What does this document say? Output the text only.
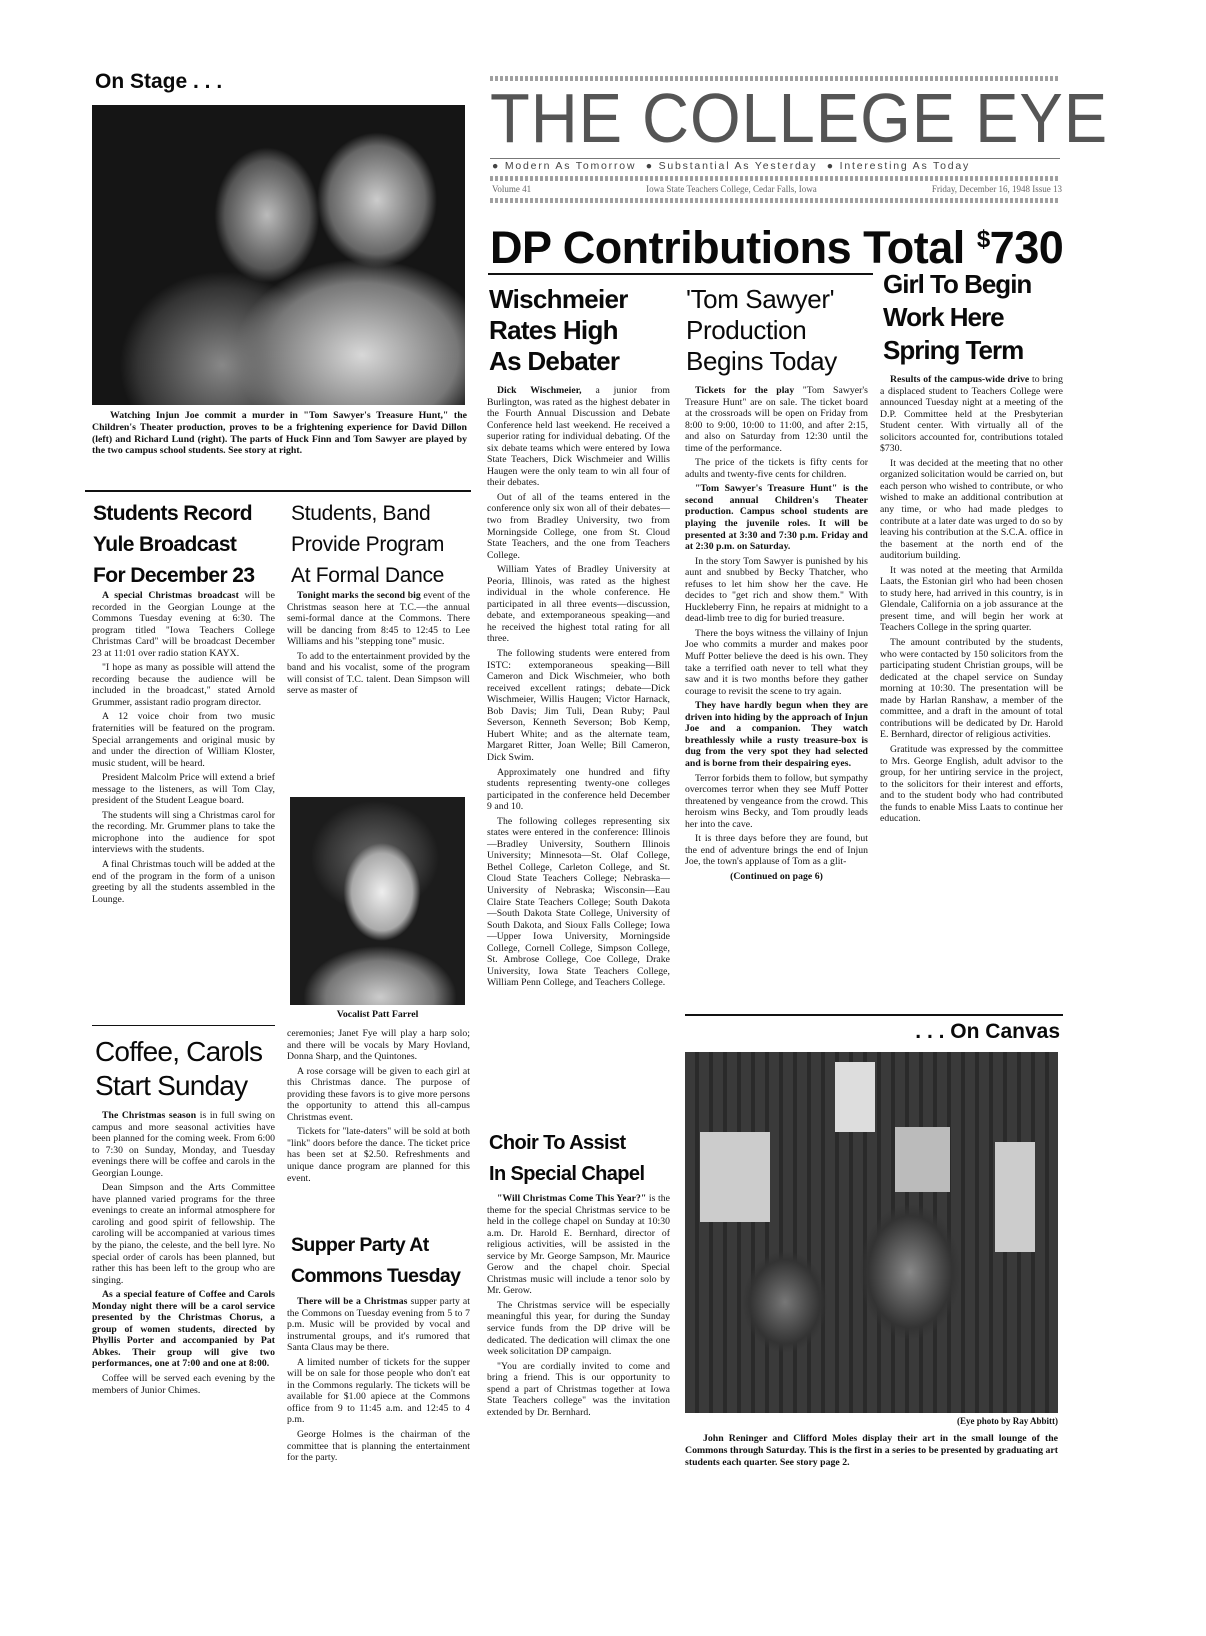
On Stage . . .
Watching Injun Joe commit a murder in "Tom Sawyer's Treasure Hunt," the Children's Theater production, proves to be a frightening experience for David Dillon (left) and Richard Lund (right). The parts of Huck Finn and Tom Sawyer are played by the two campus school students. See story at right.
Students Record
Yule Broadcast
For December 23

A special Christmas broadcast will be recorded in the Georgian Lounge at the Commons Tuesday evening at 6:30. The program titled "Iowa Teachers College Christmas Card" will be broadcast December 23 at 11:01 over radio station KAYX.

"I hope as many as possible will attend the recording because the audience will be included in the broadcast," stated Arnold Grummer, assistant radio program director.

A 12 voice choir from two music fraternities will be featured on the program. Special arrangements and original music by and under the direction of William Kloster, music student, will be heard.

President Malcolm Price will extend a brief message to the listeners, as will Tom Clay, president of the Student League board.

The students will sing a Christmas carol for the recording. Mr. Grummer plans to take the microphone into the audience for spot interviews with the students.

A final Christmas touch will be added at the end of the program in the form of a unison greeting by all the students assembled in the Lounge.

Coffee, Carols
Start Sunday

The Christmas season is in full swing on campus and more seasonal activities have been planned for the coming week. From 6:00 to 7:30 on Sunday, Monday, and Tuesday evenings there will be coffee and carols in the Georgian Lounge.

Dean Simpson and the Arts Committee have planned varied programs for the three evenings to create an informal atmosphere for caroling and good spirit of fellowship. The caroling will be accompanied at various times by the piano, the celeste, and the bell lyre. No special order of carols has been planned, but rather this has been left to the group who are singing.

As a special feature of Coffee and Carols Monday night there will be a carol service presented by the Christmas Chorus, a group of women students, directed by Phyllis Porter and accompanied by Pat Abkes. Their group will give two performances, one at 7:00 and one at 8:00.

Coffee will be served each evening by the members of Junior Chimes.

Students, Band
Provide Program
At Formal Dance

Tonight marks the second big event of the Christmas season here at T.C.—the annual semi-formal dance at the Commons. There will be dancing from 8:45 to 12:45 to Lee Williams and his "stepping tone" music.

To add to the entertainment provided by the band and his vocalist, some of the program will consist of T.C. talent. Dean Simpson will serve as master of

Vocalist Patt Farrel

ceremonies; Janet Fye will play a harp solo; and there will be vocals by Mary Hovland, Donna Sharp, and the Quintones.

A rose corsage will be given to each girl at this Christmas dance. The purpose of providing these favors is to give more persons the opportunity to attend this all-campus Christmas event.

Tickets for "late-daters" will be sold at both "link" doors before the dance. The ticket price has been set at $2.50. Refreshments and unique dance program are planned for this event.

Supper Party At
Commons Tuesday

There will be a Christmas supper party at the Commons on Tuesday evening from 5 to 7 p.m. Music will be provided by vocal and instrumental groups, and it's rumored that Santa Claus may be there.

A limited number of tickets for the supper will be on sale for those people who don't eat in the Commons regularly. The tickets will be available for $1.00 apiece at the Commons office from 9 to 11:45 a.m. and 12:45 to 4 p.m.

George Holmes is the chairman of the committee that is planning the entertainment for the party.

THE COLLEGE EYE
● Modern As Tomorrow  ● Substantial As Yesterday  ● Interesting As Today
Volume 41	Iowa State Teachers College, Cedar Falls, Iowa	Friday, December 16, 1948 Issue 13
DP Contributions Total $730
Wischmeier
Rates High
As Debater

Dick Wischmeier, a junior from Burlington, was rated as the highest debater in the Fourth Annual Discussion and Debate Conference held last weekend. He received a superior rating for individual debating. Of the six debate teams which were entered by Iowa State Teachers, Dick Wischmeier and Willis Haugen were the only team to win all four of their debates.

Out of all of the teams entered in the conference only six won all of their debates—two from Bradley University, two from Morningside College, one from St. Cloud State Teachers, and the one from Teachers College.

William Yates of Bradley University at Peoria, Illinois, was rated as the highest individual in the whole conference. He participated in all three events—discussion, debate, and extemporaneous speaking—and he received the highest total rating for all three.

The following students were entered from ISTC: extemporaneous speaking—Bill Cameron and Dick Wischmeier, who both received excellent ratings; debate—Dick Wischmeier, Willis Haugen; Victor Harnack, Bob Davis; Jim Tuli, Dean Ruby; Paul Severson, Kenneth Severson; Bob Kemp, Hubert White; and as the alternate team, Margaret Ritter, Joan Welle; Bill Cameron, Dick Swim.

Approximately one hundred and fifty students representing twenty-one colleges participated in the conference held December 9 and 10.

The following colleges representing six states were entered in the conference: Illinois—Bradley University, Southern Illinois University; Minnesota—St. Olaf College, Bethel College, Carleton College, and St. Cloud State Teachers College; Nebraska—University of Nebraska; Wisconsin—Eau Claire State Teachers College; South Dakota—South Dakota State College, University of South Dakota, and Sioux Falls College; Iowa—Upper Iowa University, Morningside College, Cornell College, Simpson College, St. Ambrose College, Coe College, Drake University, Iowa State Teachers College, William Penn College, and Teachers College.

Choir To Assist
In Special Chapel

"Will Christmas Come This Year?" is the theme for the special Christmas service to be held in the college chapel on Sunday at 10:30 a.m. Dr. Harold E. Bernhard, director of religious activities, will be assisted in the service by Mr. George Sampson, Mr. Maurice Gerow and the chapel choir. Special Christmas music will include a tenor solo by Mr. Gerow.

The Christmas service will be especially meaningful this year, for during the Sunday service funds from the DP drive will be dedicated. The dedication will climax the one week solicitation DP campaign.

"You are cordially invited to come and bring a friend. This is our opportunity to spend a part of Christmas together at Iowa State Teachers college" was the invitation extended by Dr. Bernhard.

'Tom Sawyer'
Production
Begins Today

Tickets for the play "Tom Sawyer's Treasure Hunt" are on sale. The ticket board at the crossroads will be open on Friday from 8:00 to 9:00, 10:00 to 11:00, and after 2:15, and also on Saturday from 12:30 until the time of the performance.

The price of the tickets is fifty cents for adults and twenty-five cents for children.

"Tom Sawyer's Treasure Hunt" is the second annual Children's Theater production. Campus school students are playing the juvenile roles. It will be presented at 3:30 and 7:30 p.m. Friday and at 2:30 p.m. on Saturday.

In the story Tom Sawyer is punished by his aunt and snubbed by Becky Thatcher, who refuses to let him show her the cave. He decides to "get rich and show them." With Huckleberry Finn, he repairs at midnight to a dead-limb tree to dig for buried treasure.

There the boys witness the villainy of Injun Joe who commits a murder and makes poor Muff Potter believe the deed is his own. They take a terrified oath never to tell what they saw and it is two months before they gather courage to revisit the scene to try again.

They have hardly begun when they are driven into hiding by the approach of Injun Joe and a companion. They watch breathlessly while a rusty treasure-box is dug from the very spot they had selected and is borne from their despairing eyes.

Terror forbids them to follow, but sympathy overcomes terror when they see Muff Potter threatened by vengeance from the crowd. This heroism wins Becky, and Tom proudly leads her into the cave.

It is three days before they are found, but the end of adventure brings the end of Injun Joe, the town's applause of Tom as a glit-

(Continued on page 6)

Girl To Begin
Work Here
Spring Term

Results of the campus-wide drive to bring a displaced student to Teachers College were announced Tuesday night at a meeting of the D.P. Committee held at the Presbyterian Student center. With virtually all of the solicitors accounted for, contributions totaled $730.

It was decided at the meeting that no other organized solicitation would be carried on, but each person who wished to contribute, or who wished to make an additional contribution at any time, or who had made pledges to contribute at a later date was urged to do so by leaving his contribution at the S.C.A. office in the basement at the north end of the auditorium building.

It was noted at the meeting that Armilda Laats, the Estonian girl who had been chosen to study here, had arrived in this country, is in Glendale, California on a job assurance at the present time, and will begin her work at Teachers College in the spring quarter.

The amount contributed by the students, who were contacted by 150 solicitors from the participating student Christian groups, will be dedicated at the chapel service on Sunday morning at 10:30. The presentation will be made by Harlan Ranshaw, a member of the committee, and a draft in the amount of total contributions will be dedicated by Dr. Harold E. Bernhard, director of religious activities.

Gratitude was expressed by the committee to Mrs. George English, adult advisor to the group, for her untiring service in the project, to the solicitors for their interest and efforts, and to the student body who had contributed the funds to enable Miss Laats to continue her education.

. . . On Canvas
(Eye photo by Ray Abbitt)
John Reninger and Clifford Moles display their art in the small lounge of the Commons through Saturday. This is the first in a series to be presented by graduating art students each quarter. See story page 2.
